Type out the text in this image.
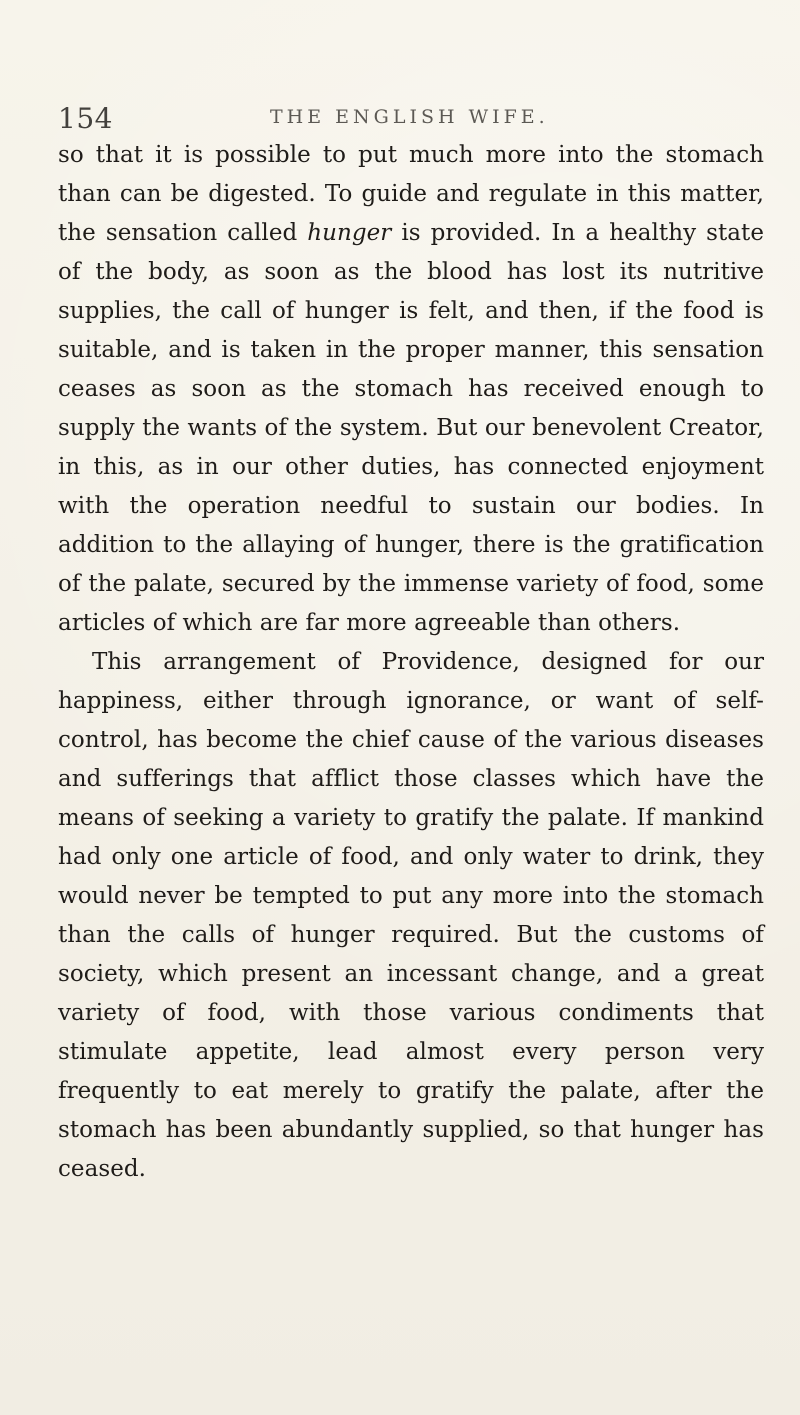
154	THE ENGLISH WIFE.

so that it is possible to put much more into the stomach than can be digested. To guide and regulate in this matter, the sensation called hunger is provided. In a healthy state of the body, as soon as the blood has lost its nutritive supplies, the call of hunger is felt, and then, if the food is suitable, and is taken in the proper manner, this sensation ceases as soon as the stomach has received enough to supply the wants of the system. But our benevolent Creator, in this, as in our other duties, has connected enjoyment with the operation needful to sustain our bodies. In addition to the allaying of hunger, there is the gratification of the palate, secured by the immense variety of food, some articles of which are far more agreeable than others.

This arrangement of Providence, designed for our happiness, either through ignorance, or want of self-control, has become the chief cause of the various diseases and sufferings that afflict those classes which have the means of seeking a variety to gratify the palate. If mankind had only one article of food, and only water to drink, they would never be tempted to put any more into the stomach than the calls of hunger required. But the customs of society, which present an incessant change, and a great variety of food, with those various condiments that stimulate appetite, lead almost every person very frequently to eat merely to gratify the palate, after the stomach has been abundantly supplied, so that hunger has ceased.
